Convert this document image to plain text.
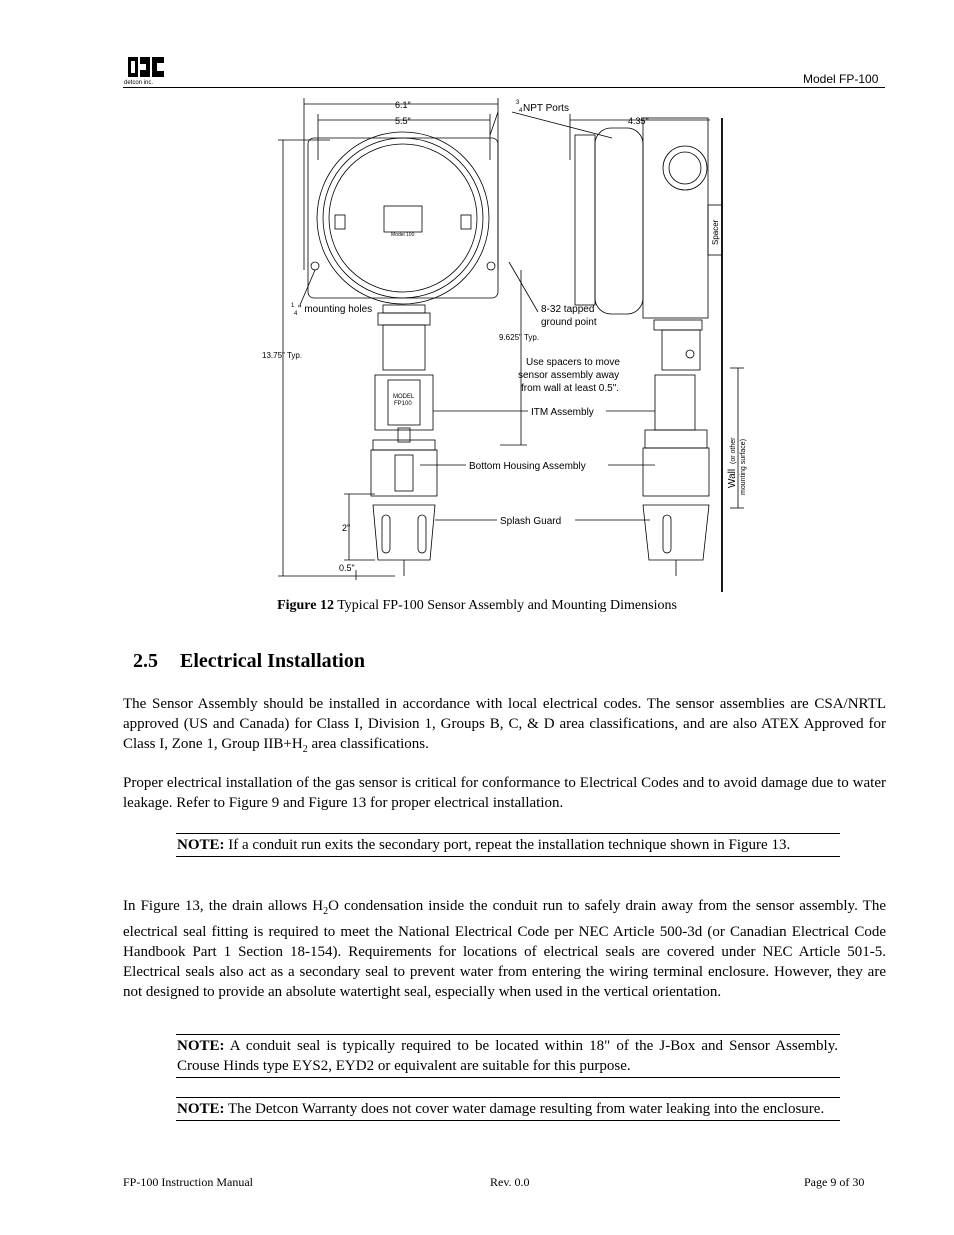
detcon inc.	Model FP-100
6.1"
5.5"
3
4 NPT Ports
4.35"
Spacer
Model 100
1
4 " mounting holes	8-32 tapped
ground point
9.625" Typ.
13.75" Typ.
Use spacers to move
sensor assembly away
from wall at least 0.5".
MODEL
FP100
ITM Assembly
Bottom Housing Assembly
Splash Guard
2"
0.5"
Wall
(or other mounting surface)
Figure 12 Typical FP-100 Sensor Assembly and Mounting Dimensions
2.5 Electrical Installation
The Sensor Assembly should be installed in accordance with local electrical codes. The sensor assemblies are CSA/NRTL approved (US and Canada) for Class I, Division 1, Groups B, C, & D area classifications, and are also ATEX Approved for Class I, Zone 1, Group $IIB+H_2$ area classifications.
Proper electrical installation of the gas sensor is critical for conformance to Electrical Codes and to avoid damage due to water leakage. Refer to Figure 9 and Figure 13 for proper electrical installation.
NOTE: If a conduit run exits the secondary port, repeat the installation technique shown in Figure 13.
In Figure 13, the drain allows $H_2O$ condensation inside the conduit run to safely drain away from the sensor assembly. The electrical seal fitting is required to meet the National Electrical Code per NEC Article 500-3d (or Canadian Electrical Code Handbook Part 1 Section 18-154). Requirements for locations of electrical seals are covered under NEC Article 501-5. Electrical seals also act as a secondary seal to prevent water from entering the wiring terminal enclosure. However, they are not designed to provide an absolute watertight seal, especially when used in the vertical orientation.
NOTE: A conduit seal is typically required to be located within 18" of the J-Box and Sensor Assembly. Crouse Hinds type EYS2, EYD2 or equivalent are suitable for this purpose.
NOTE: The Detcon Warranty does not cover water damage resulting from water leaking into the enclosure.
FP-100 Instruction Manual	Rev. 0.0	Page 9 of 30
